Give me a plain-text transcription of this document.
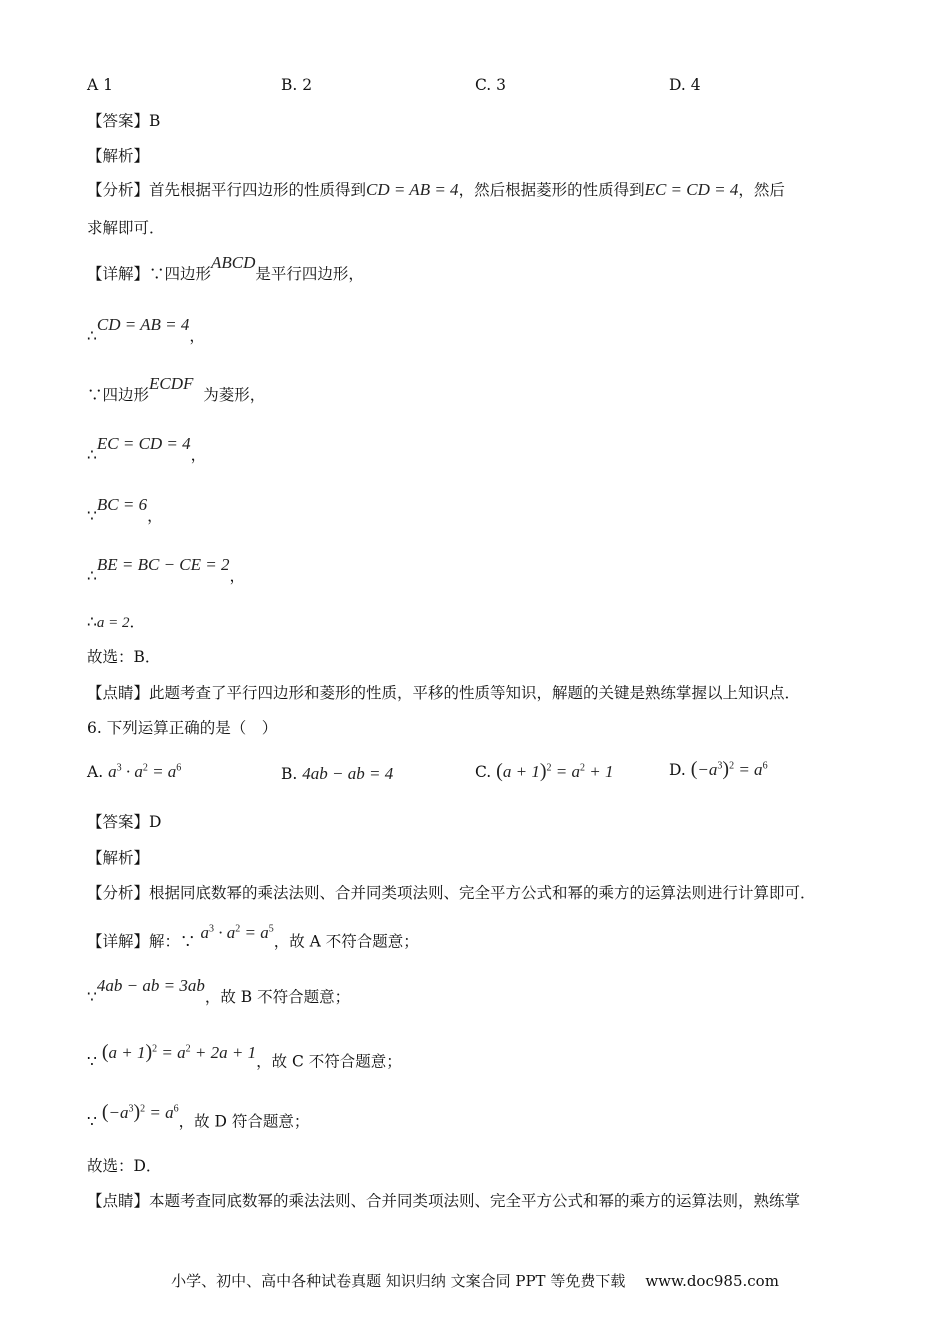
A 1	B. 2	C. 3	D. 4
【答案】B
【解析】
【分析】首先根据平行四边形的性质得到CD = AB = 4，然后根据菱形的性质得到EC = CD = 4，然后
求解即可．
【详解】∵四边形ABCD是平行四边形，
∴CD = AB = 4，
∵四边形ECDF  为菱形，
∴EC = CD = 4，
∵BC = 6，
∴BE = BC − CE = 2，
∴a = 2．
故选：B．
【点睛】此题考查了平行四边形和菱形的性质，平移的性质等知识，解题的关键是熟练掌握以上知识点．
6. 下列运算正确的是（　）
A. $a^3 \cdot a^2 = a^6$	B. 4ab − ab = 4	C. $(a + 1)^2 = a^2 + 1$	D. $(-a^3)^2 = a^6$
【答案】D
【解析】
【分析】根据同底数幂的乘法法则、合并同类项法则、完全平方公式和幂的乘方的运算法则进行计算即可．
【详解】解：∵ $a^3 \cdot a^2 = a^5$，故 A 不符合题意；
∵4ab − ab = 3ab，故 B 不符合题意；
∵ $(a + 1)^2 = a^2 + 2a + 1$，故 C 不符合题意；
∵ $(-a^3)^2 = a^6$，故 D 符合题意；
故选：D．
【点睛】本题考查同底数幂的乘法法则、合并同类项法则、完全平方公式和幂的乘方的运算法则，熟练掌
小学、初中、高中各种试卷真题 知识归纳 文案合同 PPT 等免费下载 www.doc985.com
